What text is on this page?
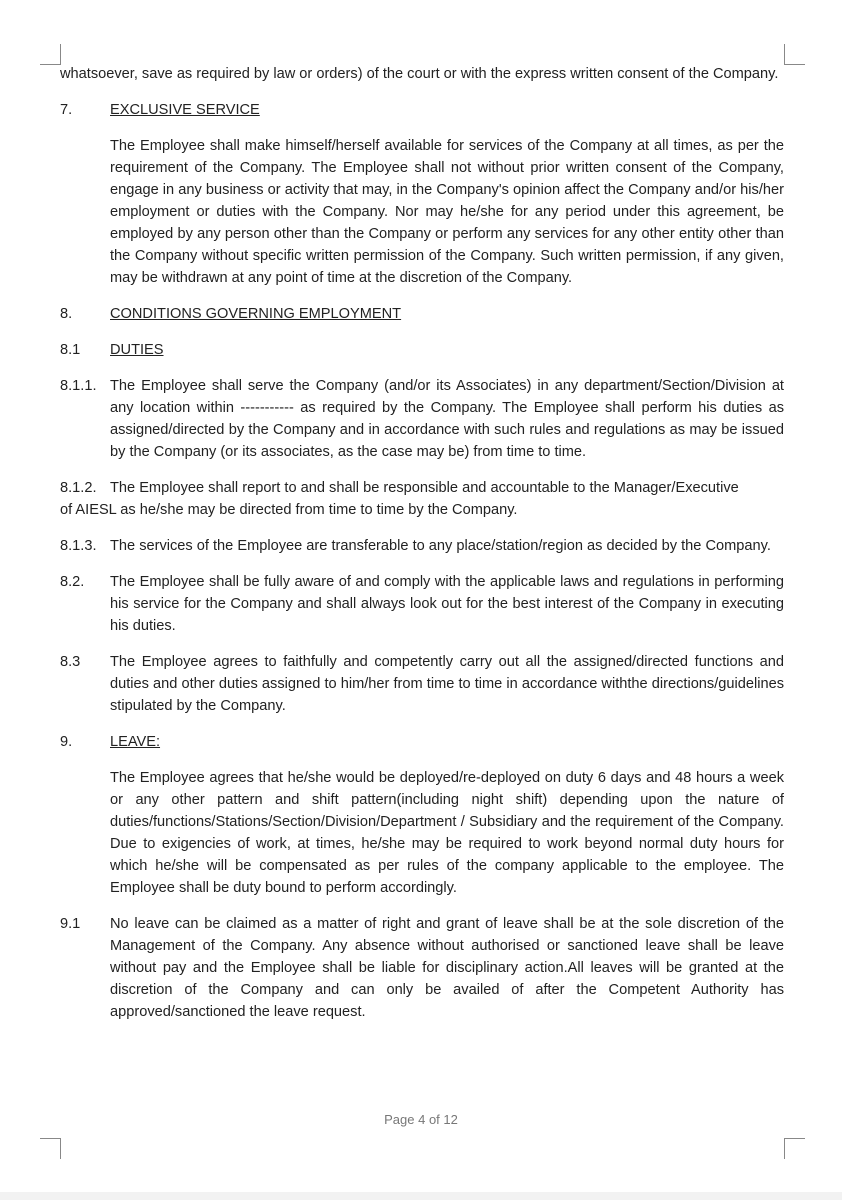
whatsoever, save as required by law or orders) of the court or with the express written consent of the Company.

7.	EXCLUSIVE SERVICE

The Employee shall make himself/herself available for services of the Company at all times, as per the requirement of the Company. The Employee shall not without prior written consent of the Company, engage in any business or activity that may, in the Company's opinion affect the Company and/or his/her employment or duties with the Company. Nor may he/she for any period under this agreement, be employed by any person other than the Company or perform any services for any other entity other than the Company without specific written permission of the Company. Such written permission, if any given, may be withdrawn at any point of time at the discretion of the Company.

8.	CONDITIONS GOVERNING EMPLOYMENT
8.1	DUTIES
8.1.1. The Employee shall serve the Company (and/or its Associates) in any department/Section/Division at any location within ----------- as required by the Company. The Employee shall perform his duties as assigned/directed by the Company and in accordance with such rules and regulations as may be issued by the Company (or its associates, as the case may be) from time to time.

8.1.2. The Employee shall report to and shall be responsible and accountable to the Manager/Executive
of AIESL as he/she may be directed from time to time by the Company.

8.1.3. The services of the Employee are transferable to any place/station/region as decided by the Company.

8.2.	The Employee shall be fully aware of and comply with the applicable laws and regulations in performing his service for the Company and shall always look out for the best interest of the Company in executing his duties.

8.3	The Employee agrees to faithfully and competently carry out all the assigned/directed functions and duties and other duties assigned to him/her from time to time in accordance withthe directions/guidelines stipulated by the Company.

9.	LEAVE:

The Employee agrees that he/she would be deployed/re-deployed on duty 6 days and 48 hours a week or any other pattern and shift pattern(including night shift) depending upon the nature of duties/functions/Stations/Section/Division/Department / Subsidiary and the requirement of the Company. Due to exigencies of work, at times, he/she may be required to work beyond normal duty hours for which he/she will be compensated as per rules of the company applicable to the employee. The Employee shall be duty bound to perform accordingly.

9.1	No leave can be claimed as a matter of right and grant of leave shall be at the sole discretion of the Management of the Company. Any absence without authorised or sanctioned leave shall be leave without pay and the Employee shall be liable for disciplinary action.All leaves will be granted at the discretion of the Company and can only be availed of after the Competent Authority has approved/sanctioned the leave request.

Page 4 of 12
